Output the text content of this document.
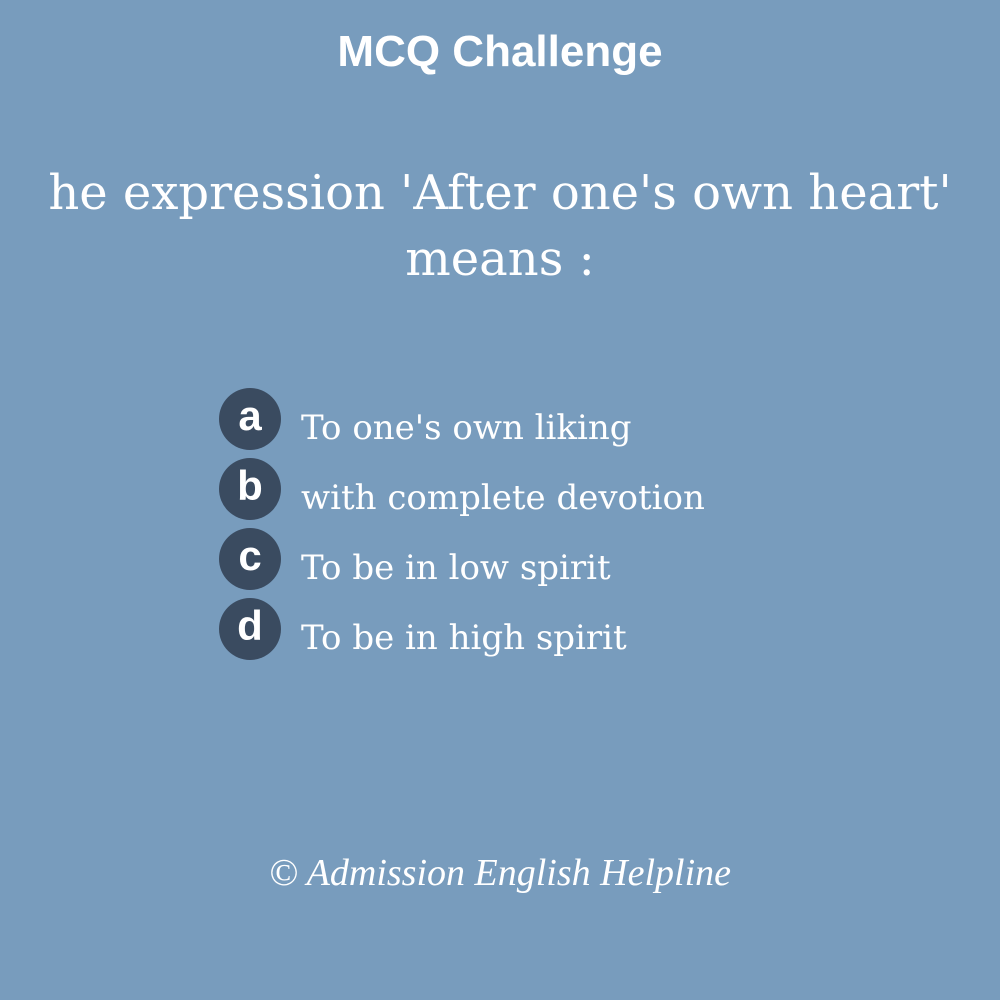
MCQ Challenge
he expression 'After one's own heart'
means :
a	To one's own liking
b	with complete devotion
c	To be in low spirit
d	To be in high spirit
© Admission English Helpline
